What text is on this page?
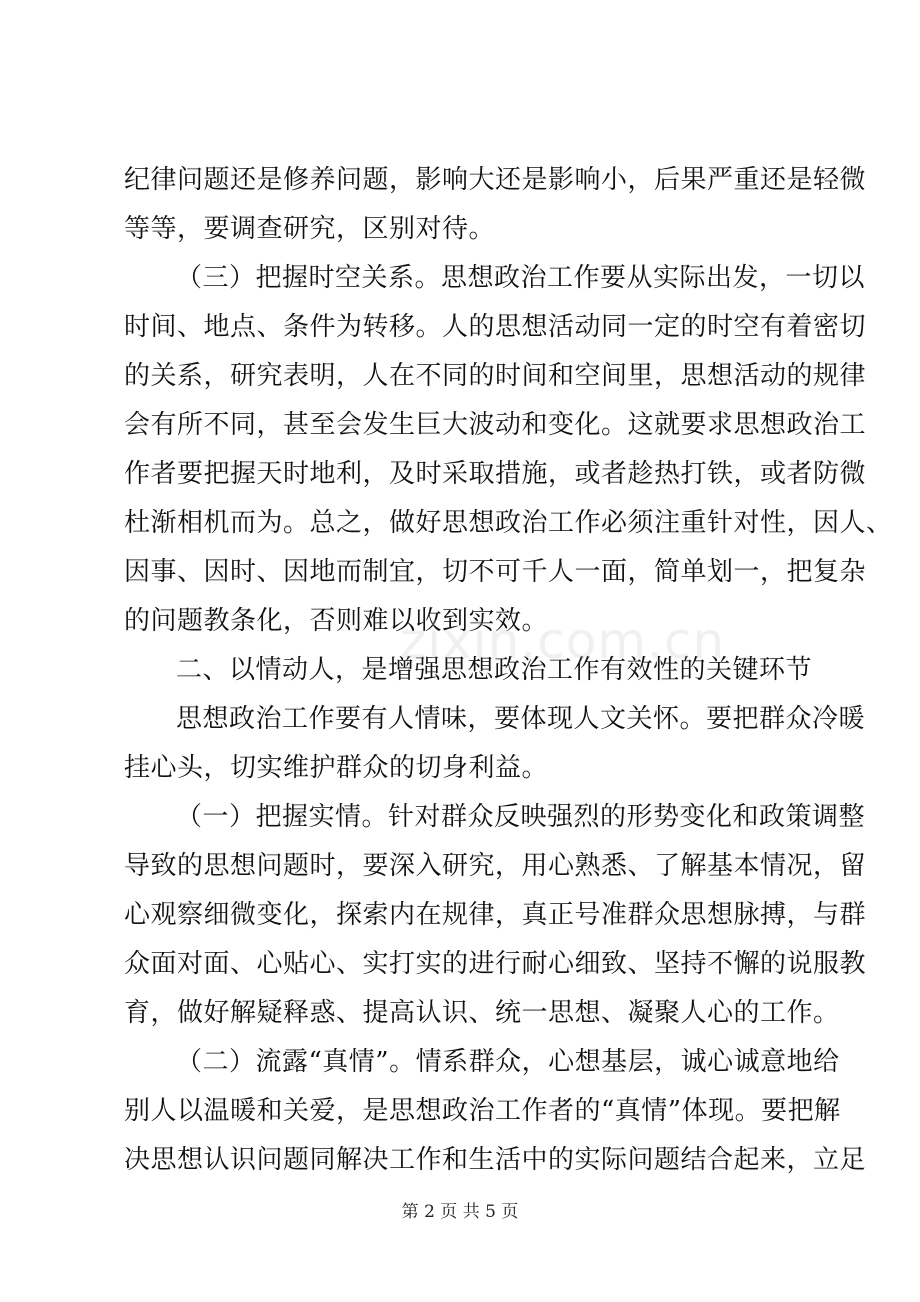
纪律问题还是修养问题，影响大还是影响小，后果严重还是轻微
等等，要调查研究，区别对待。
（三）把握时空关系。思想政治工作要从实际出发，一切以
时间、地点、条件为转移。人的思想活动同一定的时空有着密切
的关系，研究表明，人在不同的时间和空间里，思想活动的规律
会有所不同，甚至会发生巨大波动和变化。这就要求思想政治工
作者要把握天时地利，及时采取措施，或者趁热打铁，或者防微
杜渐相机而为。总之，做好思想政治工作必须注重针对性，因人、
因事、因时、因地而制宜，切不可千人一面，简单划一，把复杂
的问题教条化，否则难以收到实效。
二、以情动人，是增强思想政治工作有效性的关键环节
思想政治工作要有人情味，要体现人文关怀。要把群众冷暖
挂心头，切实维护群众的切身利益。
（一）把握实情。针对群众反映强烈的形势变化和政策调整
导致的思想问题时，要深入研究，用心熟悉、了解基本情况，留
心观察细微变化，探索内在规律，真正号准群众思想脉搏，与群
众面对面、心贴心、实打实的进行耐心细致、坚持不懈的说服教
育，做好解疑释惑、提高认识、统一思想、凝聚人心的工作。
（二）流露“真情”。情系群众，心想基层，诚心诚意地给
别人以温暖和关爱，是思想政治工作者的“真情”体现。要把解
决思想认识问题同解决工作和生活中的实际问题结合起来，立足
zixin.com.cn
第 2 页 共 5 页
